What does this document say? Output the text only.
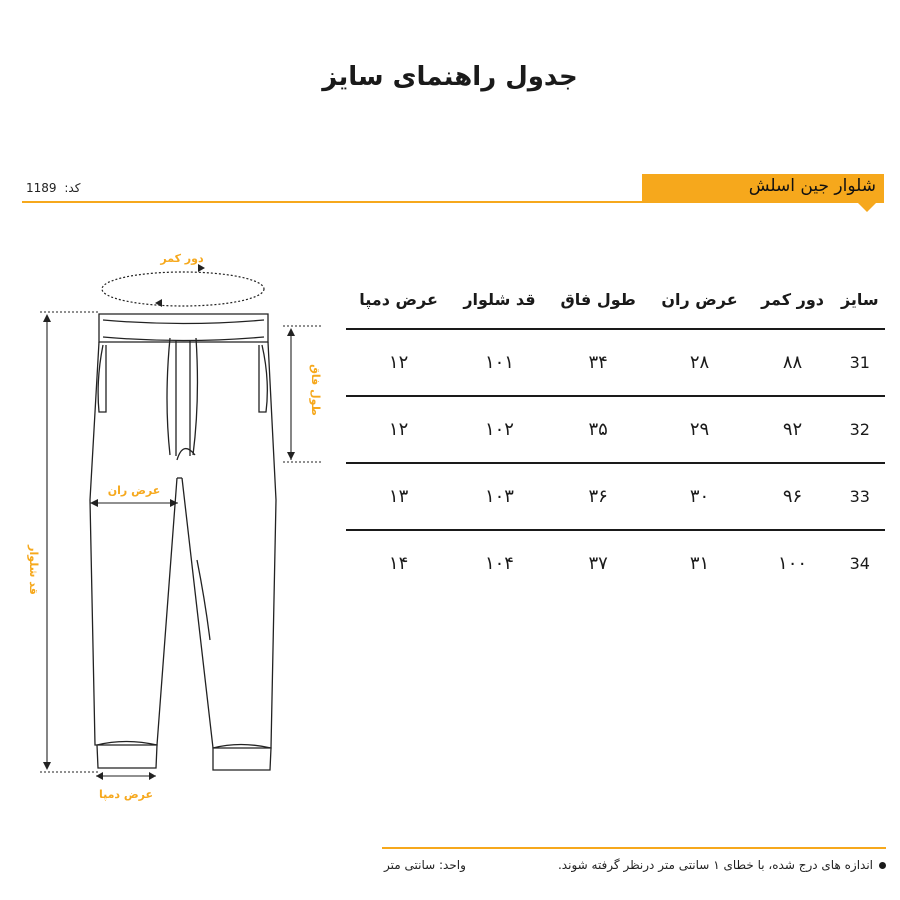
جدول راهنمای سایز
شلوار جین اسلش
کد: 1189
دور کمر
طول فاق
عرض ران
قد شلوار
عرض دمپا
سایز	دور کمر	عرض ران	طول فاق	قد شلوار	عرض دمپا
31	۸۸	۲۸	۳۴	۱۰۱	۱۲
32	۹۲	۲۹	۳۵	۱۰۲	۱۲
33	۹۶	۳۰	۳۶	۱۰۳	۱۳
34	۱۰۰	۳۱	۳۷	۱۰۴	۱۴
اندازه های درج شده، با خطای ۱ سانتی متر درنظر گرفته شوند.
واحد: سانتی متر
